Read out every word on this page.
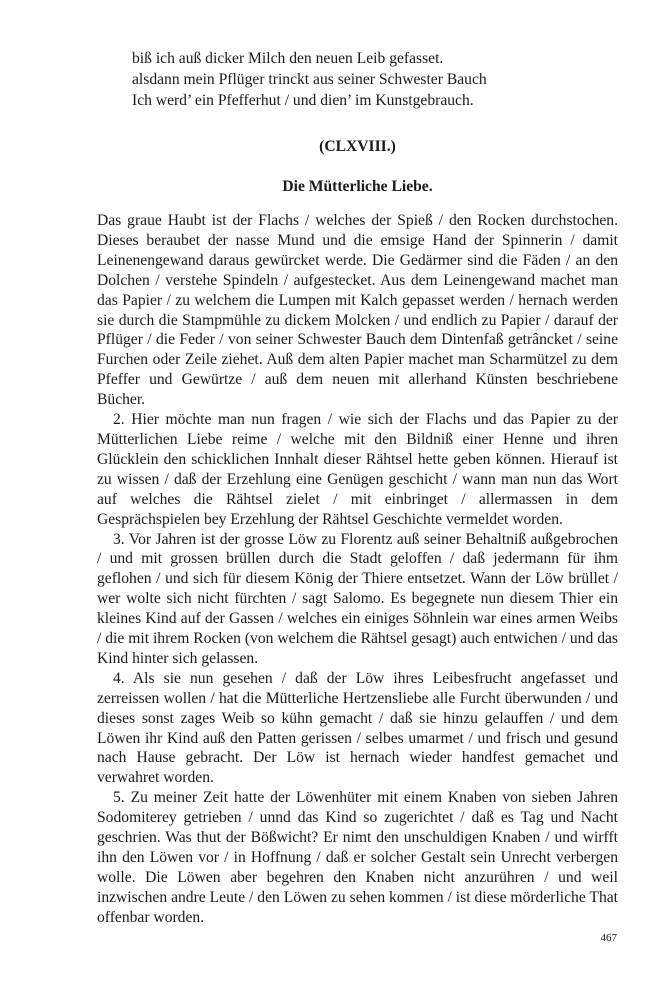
biß ich auß dicker Milch den neuen Leib gefasset.
alsdann mein Pflüger trinckt aus seiner Schwester Bauch
Ich werd’ ein Pfefferhut / und dien’ im Kunstgebrauch.
(CLXVIII.)
Die Mütterliche Liebe.

Das graue Haubt ist der Flachs / welches der Spieß / den Rocken durchstochen. Dieses beraubet der nasse Mund und die emsige Hand der Spinnerin / damit Leinenengewand daraus gewürcket werde. Die Gedärmer sind die Fäden / an den Dolchen / verstehe Spindeln / aufgestecket. Aus dem Leinengewand machet man das Papier / zu welchem die Lumpen mit Kalch gepasset werden / hernach werden sie durch die Stampmühle zu dickem Molcken / und endlich zu Papier / darauf der Pflüger / die Feder / von seiner Schwester Bauch dem Dintenfaß getrâncket / seine Furchen oder Zeile ziehet. Auß dem alten Papier machet man Scharmützel zu dem Pfeffer und Gewürtze / auß dem neuen mit allerhand Künsten beschriebene Bücher.

2. Hier möchte man nun fragen / wie sich der Flachs und das Papier zu der Mütterlichen Liebe reime / welche mit den Bildniß einer Henne und ihren Glücklein den schicklichen Innhalt dieser Rähtsel hette geben können. Hierauf ist zu wissen / daß der Erzehlung eine Genügen geschicht / wann man nun das Wort auf welches die Rähtsel zielet / mit einbringet / allermassen in dem Gesprächspielen bey Erzehlung der Rähtsel Geschichte vermeldet worden.

3. Vor Jahren ist der grosse Löw zu Florentz auß seiner Behaltniß außgebrochen / und mit grossen brüllen durch die Stadt geloffen / daß jedermann für ihm geflohen / und sich für diesem König der Thiere entsetzet. Wann der Löw brüllet / wer wolte sich nicht fürchten / sagt Salomo. Es begegnete nun diesem Thier ein kleines Kind auf der Gassen / welches ein einiges Söhnlein war eines armen Weibs / die mit ihrem Rocken (von welchem die Rähtsel gesagt) auch entwichen / und das Kind hinter sich gelassen.

4. Als sie nun gesehen / daß der Löw ihres Leibesfrucht angefasset und zerreissen wollen / hat die Mütterliche Hertzensliebe alle Furcht überwunden / und dieses sonst zages Weib so kühn gemacht / daß sie hinzu gelauffen / und dem Löwen ihr Kind auß den Patten gerissen / selbes umarmet / und frisch und gesund nach Hause gebracht. Der Löw ist hernach wieder handfest gemachet und verwahret worden.

5. Zu meiner Zeit hatte der Löwenhüter mit einem Knaben von sieben Jahren Sodomiterey getrieben / unnd das Kind so zugerichtet / daß es Tag und Nacht geschrien. Was thut der Bößwicht? Er nimt den unschuldigen Knaben / und wirfft ihn den Löwen vor / in Hoffnung / daß er solcher Gestalt sein Unrecht verbergen wolle. Die Löwen aber begehren den Knaben nicht anzurühren / und weil inzwischen andre Leute / den Löwen zu sehen kommen / ist diese mörderliche That offenbar worden.

467
